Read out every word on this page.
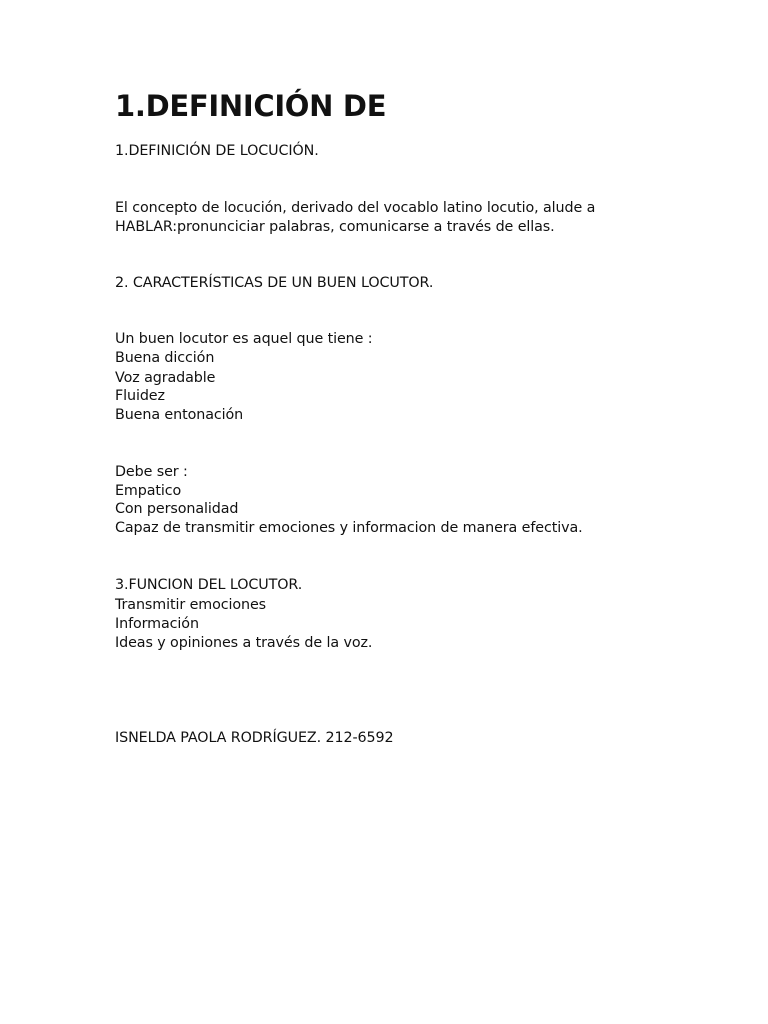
1.DEFINICIÓN DE

1.DEFINICIÓN DE LOCUCIÓN.

El concepto de locución, derivado del vocablo latino locutio, alude a

HABLAR:pronunciciar palabras, comunicarse a través de ellas.

2. CARACTERÍSTICAS DE UN BUEN LOCUTOR.

Un buen locutor es aquel que tiene :

Buena dicción

Voz agradable

Fluidez

Buena entonación

Debe ser :

Empatico

Con personalidad

Capaz de transmitir emociones y informacion de manera efectiva.

3.FUNCION DEL LOCUTOR.

Transmitir emociones

Información

Ideas y opiniones a través de la voz.

ISNELDA PAOLA RODRÍGUEZ. 212-6592
